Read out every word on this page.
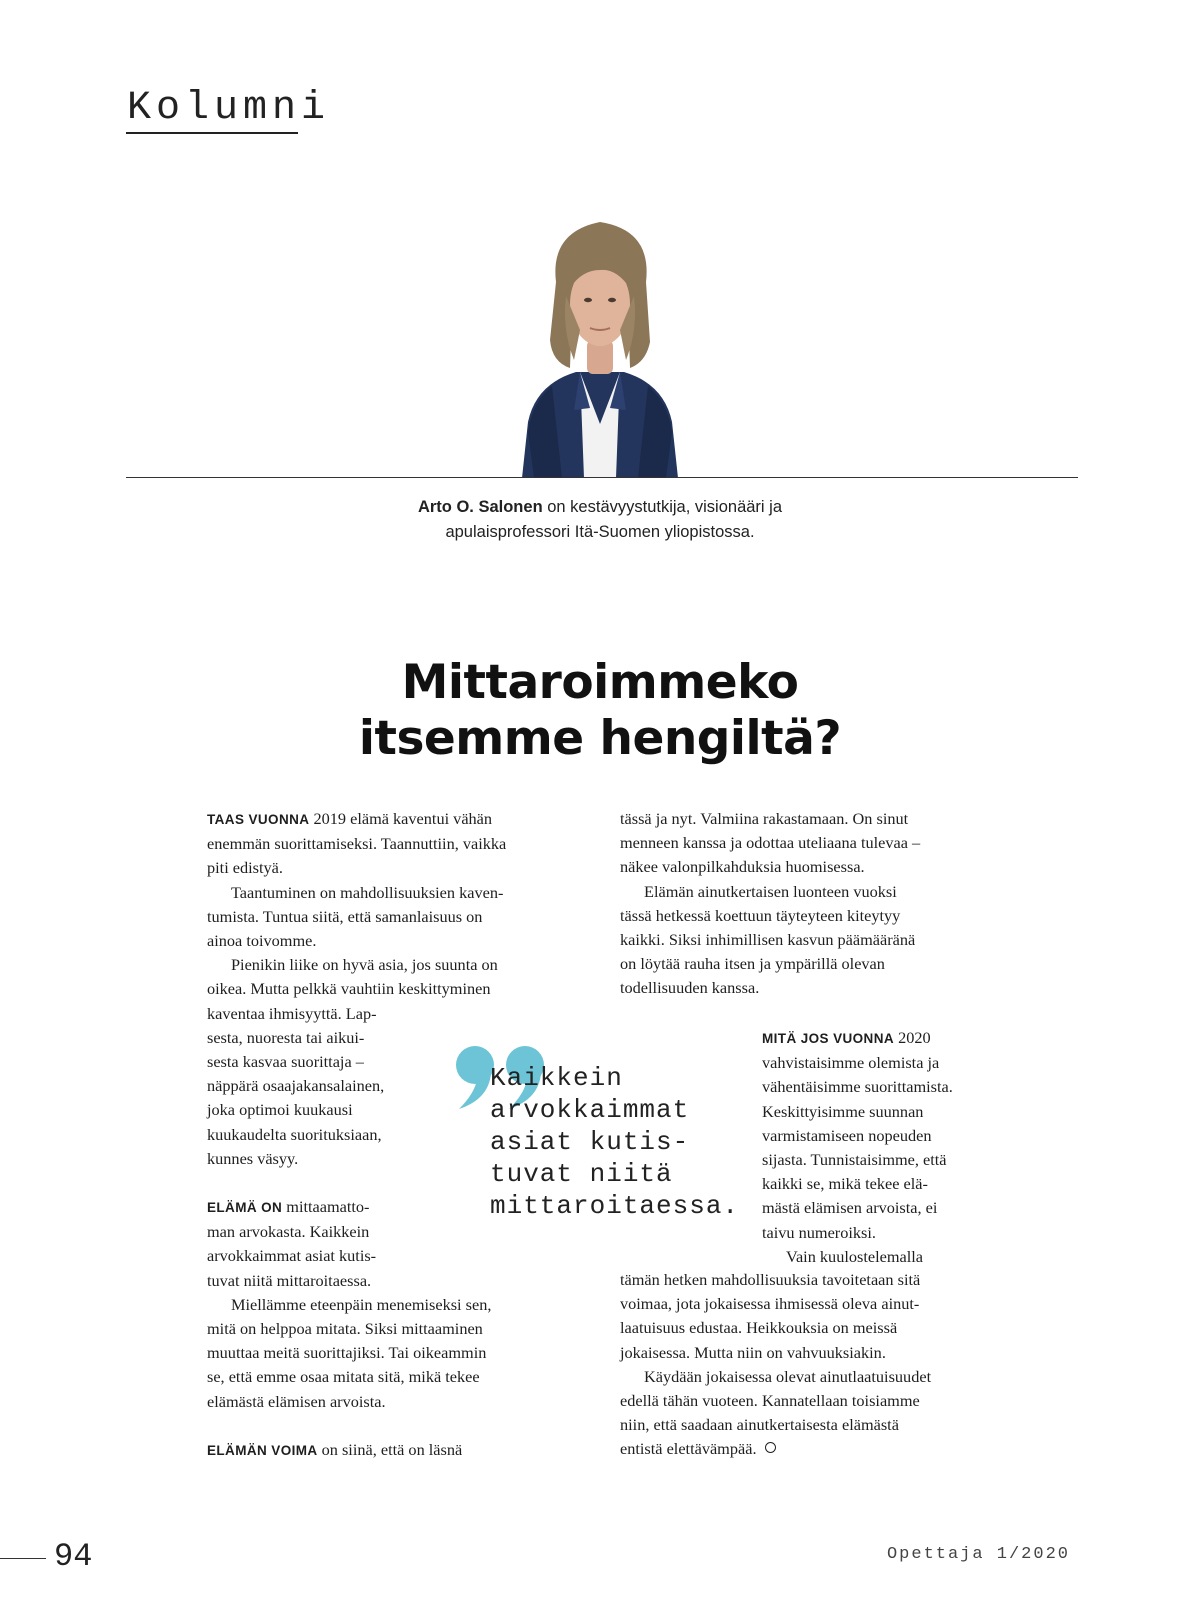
Kolumni
Arto O. Salonen on kestävyystutkija, visionääri ja
apulaisprofessori Itä-Suomen yliopistossa.
Mittaroimmeko
itsemme hengiltä?

TAAS VUONNA 2019 elämä kaventui vähän

enemmän suorittamiseksi. Taannuttiin, vaikka

piti edistyä.

Taantuminen on mahdollisuuksien kaven-

tumista. Tuntua siitä, että samanlaisuus on

ainoa toivomme.

Pienikin liike on hyvä asia, jos suunta on

oikea. Mutta pelkkä vauhtiin keskittyminen

kaventaa ihmisyyttä. Lap-

sesta, nuoresta tai aikui-

sesta kasvaa suorittaja –

näppärä osaajakansalainen,

joka optimoi kuukausi

kuukaudelta suorituksiaan,

kunnes väsyy.

ELÄMÄ ON mittaamatto-

man arvokasta. Kaikkein

arvokkaimmat asiat kutis-

tuvat niitä mittaroitaessa.

Miellämme eteenpäin menemiseksi sen,

mitä on helppoa mitata. Siksi mittaaminen

muuttaa meitä suorittajiksi. Tai oikeammin

se, että emme osaa mitata sitä, mikä tekee

elämästä elämisen arvoista.

ELÄMÄN VOIMA on siinä, että on läsnä

tässä ja nyt. Valmiina rakastamaan. On sinut

menneen kanssa ja odottaa uteliaana tulevaa –

näkee valonpilkahduksia huomisessa.

Elämän ainutkertaisen luonteen vuoksi

tässä hetkessä koettuun täyteyteen kiteytyy

kaikki. Siksi inhimillisen kasvun päämääränä

on löytää rauha itsen ja ympärillä olevan

todellisuuden kanssa.

MITÄ JOS VUONNA 2020

vahvistaisimme olemista ja

vähentäisimme suorittamista.

Keskittyisimme suunnan

varmistamiseen nopeuden

sijasta. Tunnistaisimme, että

kaikki se, mikä tekee elä-

mästä elämisen arvoista, ei

taivu numeroiksi.

Vain kuulostelemalla

tämän hetken mahdollisuuksia tavoitetaan sitä

voimaa, jota jokaisessa ihmisessä oleva ainut-

laatuisuus edustaa. Heikkouksia on meissä

jokaisessa. Mutta niin on vahvuuksiakin.

Käydään jokaisessa olevat ainutlaatuisuudet

edellä tähän vuoteen. Kannatellaan toisiamme

niin, että saadaan ainutkertaisesta elämästä

entistä elettävämpää.

Kaikkein

arvokkaimmat

asiat kutis-

tuvat niitä

mittaroitaessa.

94	Opettaja 1/2020
